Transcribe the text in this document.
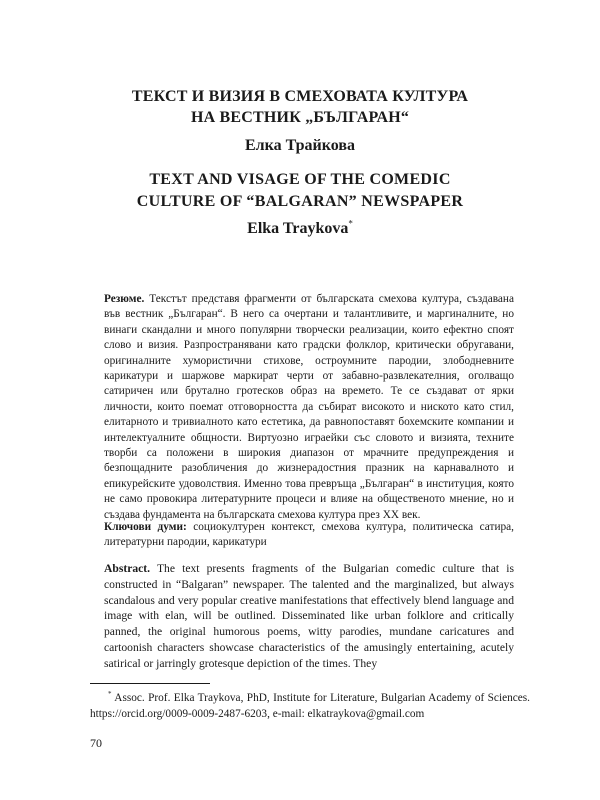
ТЕКСТ И ВИЗИЯ В СМЕХОВАТА КУЛТУРА
НА ВЕСТНИК „БЪЛГАРАН“
Елка Трайкова
TEXT AND VISAGE OF THE COMEDIC
CULTURE OF “BALGARAN” NEWSPAPER
Elka Traykova*
Резюме. Текстът представя фрагменти от българската смехова култура, създавана във вестник „Българан“. В него са очертани и талантливите, и маргиналните, но винаги скандални и много популярни творчески реализации, които ефектно споят слово и визия. Разпространявани като градски фолклор, критически обругавани, оригиналните хумористични стихове, остроумните пародии, злободневните карикатури и шаржове маркират черти от забавно-развлекателния, оголващо сатиричен или брутално гротесков образ на времето. Те се създават от ярки личности, които поемат отговорността да събират високото и ниското като стил, елитарното и тривиалното като естетика, да равнопоставят бохемските компании и интелектуалните общности. Виртуозно играейки със словото и визията, техните творби са положени в широкия диапазон от мрачните предупреждения и безпощадните разобличения до жизнерадостния празник на карнавалното и епикурейските удоволствия. Именно това превръща „Българан“ в институция, която не само провокира литературните процеси и влияе на общественото мнение, но и създава фундамента на българската смехова култура през ХХ век.
Ключови думи: социокултурен контекст, смехова култура, политическа сатира, литературни пародии, карикатури
Abstract. The text presents fragments of the Bulgarian comedic culture that is constructed in “Balgaran” newspaper. The talented and the marginalized, but always scandalous and very popular creative manifestations that effectively blend language and image with elan, will be outlined. Disseminated like urban folklore and critically panned, the original humorous poems, witty parodies, mundane caricatures and cartoonish characters showcase characteristics of the amusingly entertaining, acutely satirical or jarringly grotesque depiction of the times. They
* Assoc. Prof. Elka Traykova, PhD, Institute for Literature, Bulgarian Academy of Sciences. https://orcid.org/0009-0009-2487-6203, e-mail: elkatraykova@gmail.com
70
